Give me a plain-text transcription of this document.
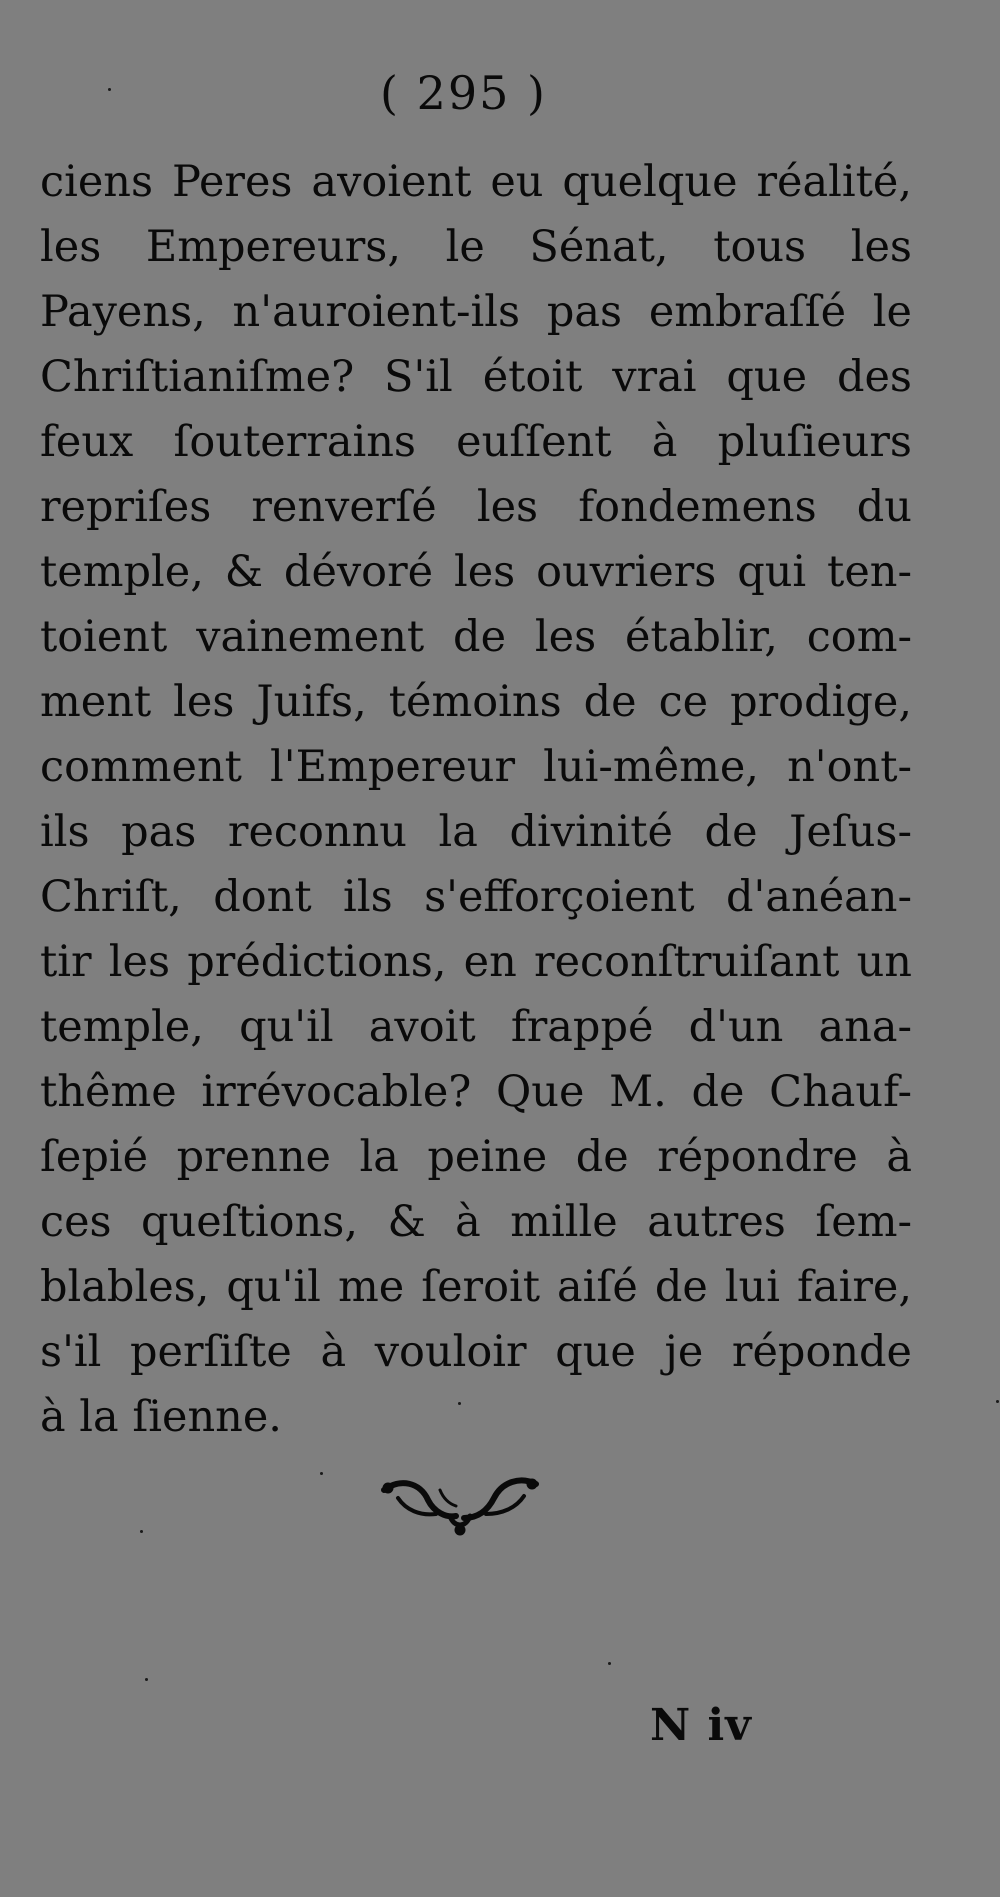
( 295 )
ciens Peres avoient eu quelque réalité,
les Empereurs, le Sénat, tous les
Payens, n'auroient-ils pas embraſſé le
Chriſtianiſme? S'il étoit vrai que des
feux ſouterrains euſſent à pluſieurs
repriſes renverſé les fondemens du
temple, & dévoré les ouvriers qui ten-
toient vainement de les établir, com-
ment les Juifs, témoins de ce prodige,
comment l'Empereur lui-même, n'ont-
ils pas reconnu la divinité de Jeſus-
Chriſt, dont ils s'efforçoient d'anéan-
tir les prédictions, en reconſtruiſant un
temple, qu'il avoit frappé d'un ana-
thême irrévocable? Que M. de Chauf-
ſepié prenne la peine de répondre à
ces queſtions, & à mille autres ſem-
blables, qu'il me ſeroit aiſé de lui faire,
s'il perſiſte à vouloir que je réponde
à la ſienne.
N iv
